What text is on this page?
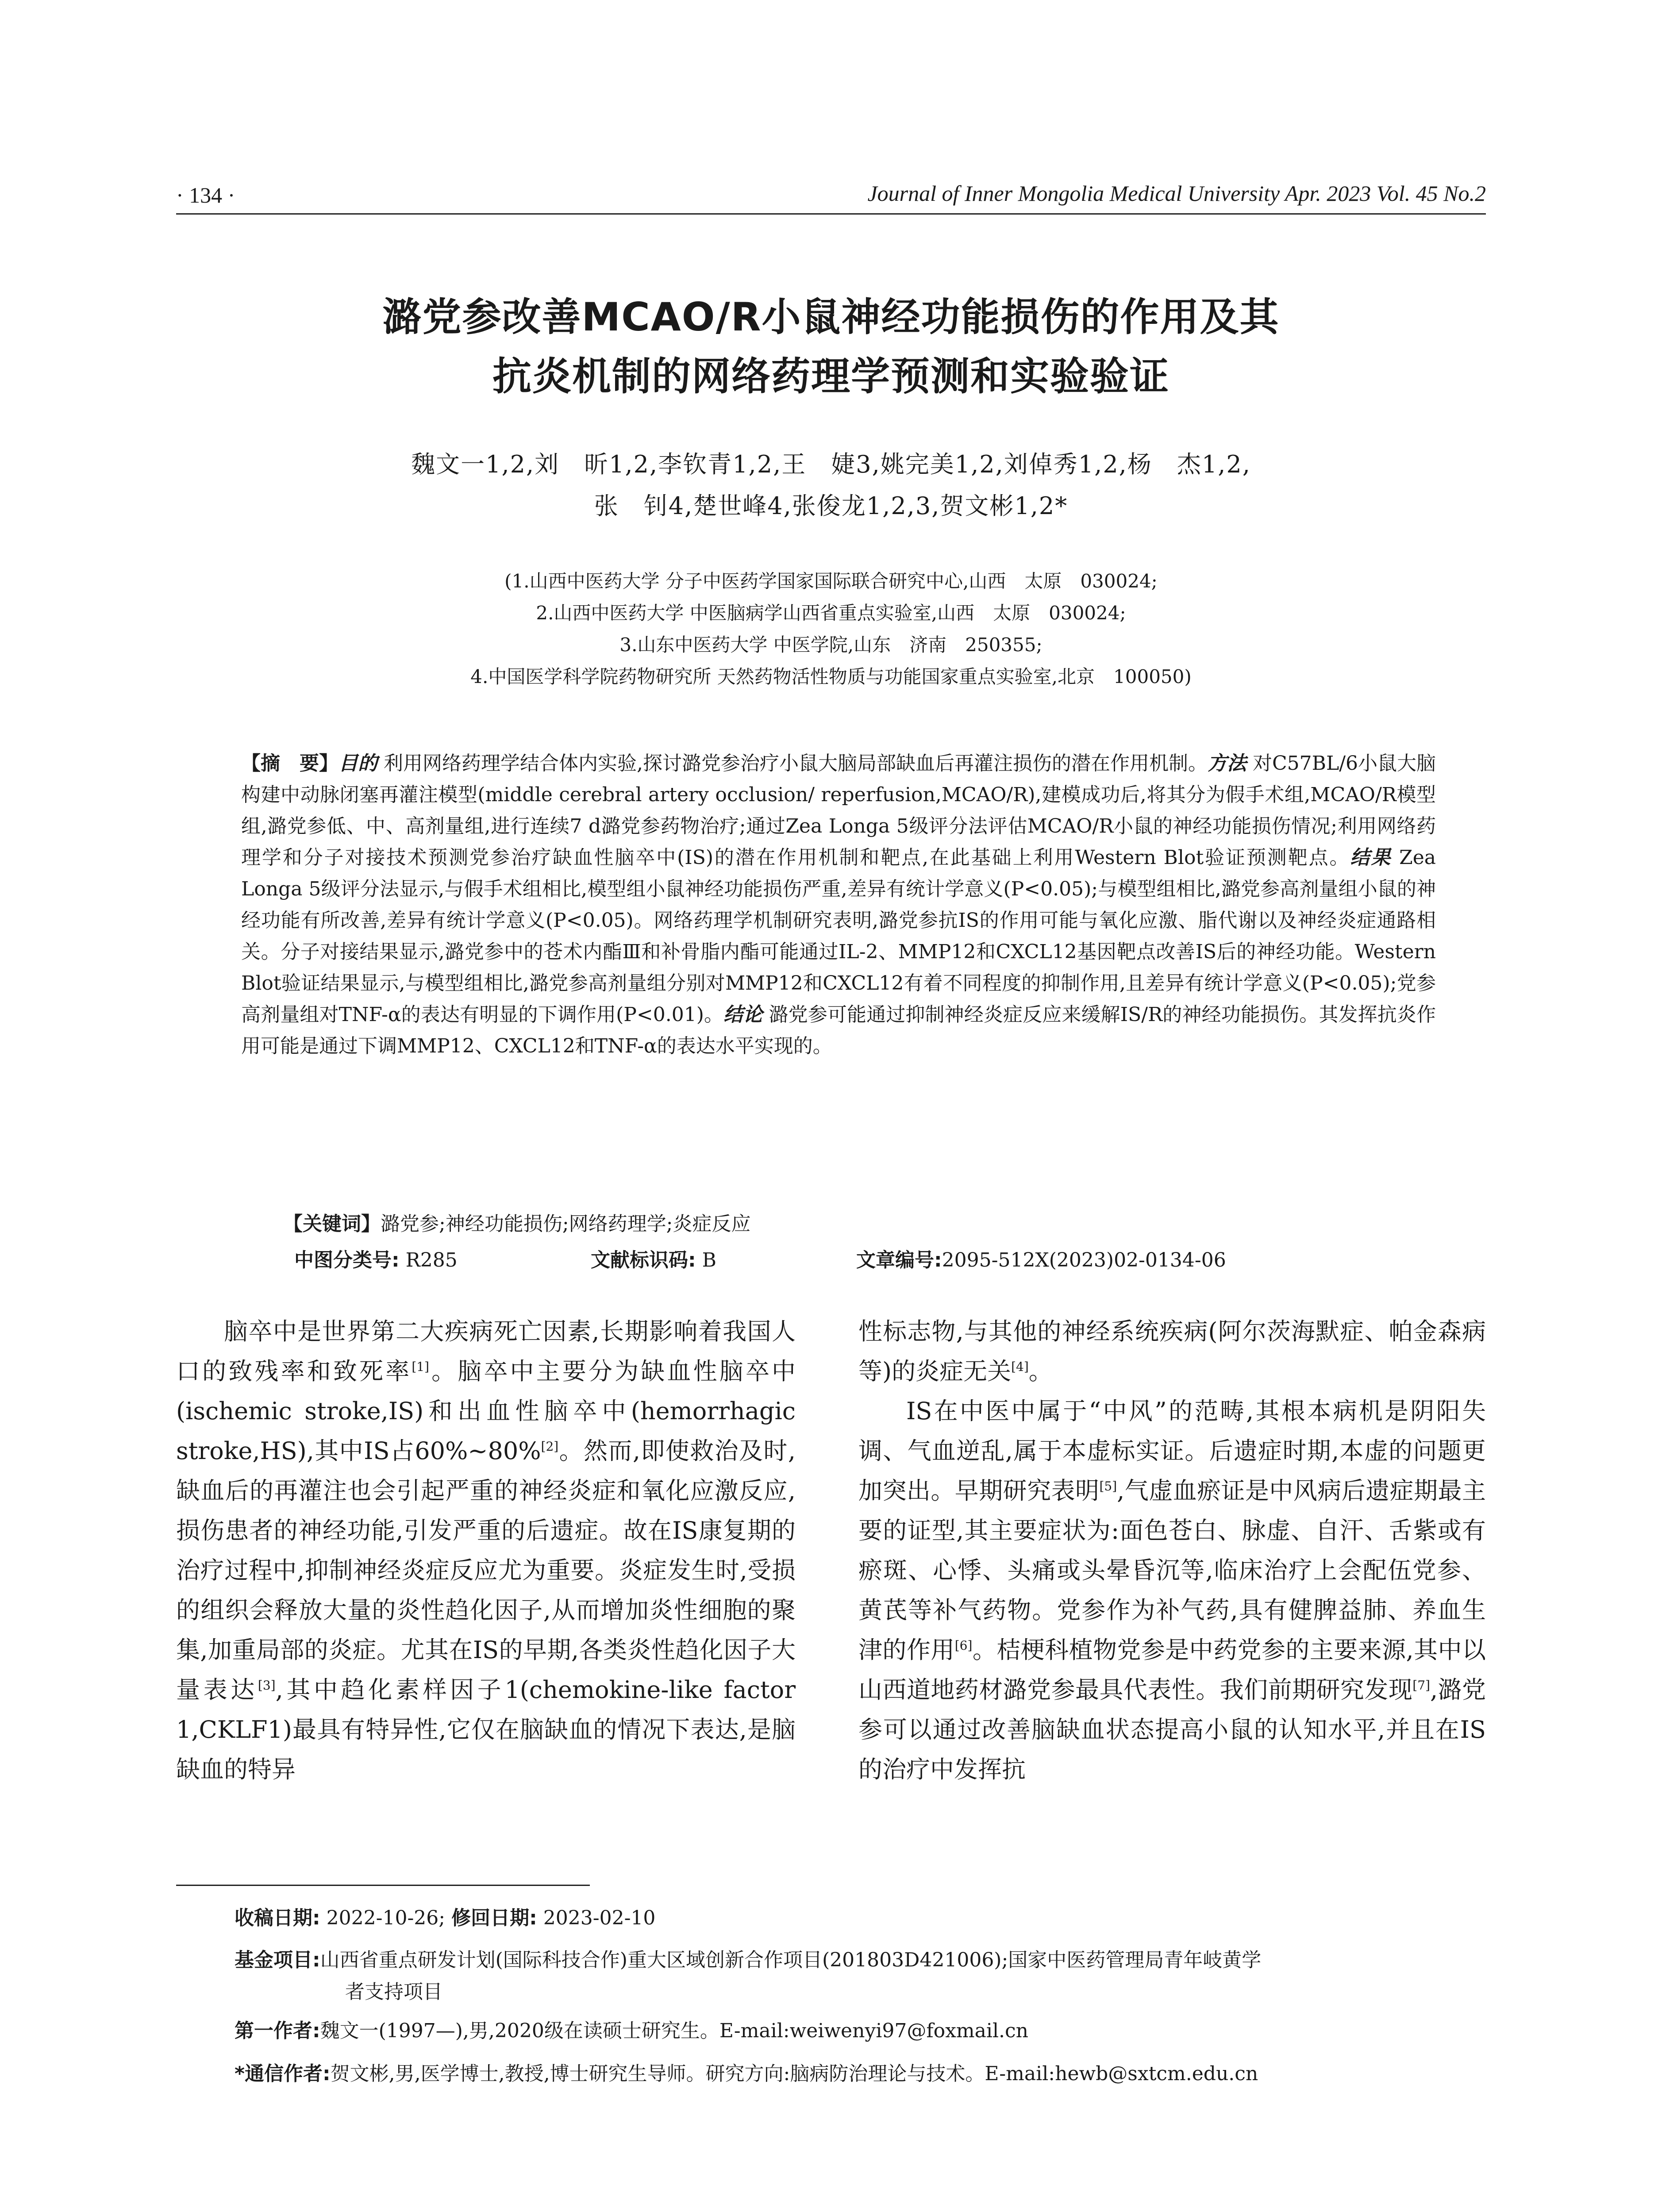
· 134 ·	Journal of Inner Mongolia Medical University Apr. 2023 Vol. 45 No.2
潞党参改善MCAO/R小鼠神经功能损伤的作用及其
抗炎机制的网络药理学预测和实验验证
魏文一1,2,刘　昕1,2,李钦青1,2,王　婕3,姚完美1,2,刘倬秀1,2,杨　杰1,2,
张　钊4,楚世峰4,张俊龙1,2,3,贺文彬1,2*
(1.山西中医药大学 分子中医药学国家国际联合研究中心,山西　太原　030024;
2.山西中医药大学 中医脑病学山西省重点实验室,山西　太原　030024;
3.山东中医药大学 中医学院,山东　济南　250355;
4.中国医学科学院药物研究所 天然药物活性物质与功能国家重点实验室,北京　100050)

【摘　要】目的 利用网络药理学结合体内实验,探讨潞党参治疗小鼠大脑局部缺血后再灌注损伤的潜在作用机制。方法 对C57BL/6小鼠大脑构建中动脉闭塞再灌注模型(middle cerebral artery occlusion/ reperfusion,MCAO/R),建模成功后,将其分为假手术组,MCAO/R模型组,潞党参低、中、高剂量组,进行连续7 d潞党参药物治疗;通过Zea Longa 5级评分法评估MCAO/R小鼠的神经功能损伤情况;利用网络药理学和分子对接技术预测党参治疗缺血性脑卒中(IS)的潜在作用机制和靶点,在此基础上利用Western Blot验证预测靶点。结果 Zea Longa 5级评分法显示,与假手术组相比,模型组小鼠神经功能损伤严重,差异有统计学意义(P<0.05);与模型组相比,潞党参高剂量组小鼠的神经功能有所改善,差异有统计学意义(P<0.05)。网络药理学机制研究表明,潞党参抗IS的作用可能与氧化应激、脂代谢以及神经炎症通路相关。分子对接结果显示,潞党参中的苍术内酯Ⅲ和补骨脂内酯可能通过IL-2、MMP12和CXCL12基因靶点改善IS后的神经功能。Western Blot验证结果显示,与模型组相比,潞党参高剂量组分别对MMP12和CXCL12有着不同程度的抑制作用,且差异有统计学意义(P<0.05);党参高剂量组对TNF-α的表达有明显的下调作用(P<0.01)。结论 潞党参可能通过抑制神经炎症反应来缓解IS/R的神经功能损伤。其发挥抗炎作用可能是通过下调MMP12、CXCL12和TNF-α的表达水平实现的。

【关键词】潞党参;神经功能损伤;网络药理学;炎症反应
中图分类号: R285	文献标识码: B	文章编号:2095-512X(2023)02-0134-06

脑卒中是世界第二大疾病死亡因素,长期影响着我国人口的致残率和致死率[1]。脑卒中主要分为缺血性脑卒中(ischemic stroke,IS)和出血性脑卒中(hemorrhagic stroke,HS),其中IS占60%~80%[2]。然而,即使救治及时,缺血后的再灌注也会引起严重的神经炎症和氧化应激反应,损伤患者的神经功能,引发严重的后遗症。故在IS康复期的治疗过程中,抑制神经炎症反应尤为重要。炎症发生时,受损的组织会释放大量的炎性趋化因子,从而增加炎性细胞的聚集,加重局部的炎症。尤其在IS的早期,各类炎性趋化因子大量表达[3],其中趋化素样因子1(chemokine-like factor 1,CKLF1)最具有特异性,它仅在脑缺血的情况下表达,是脑缺血的特异

性标志物,与其他的神经系统疾病(阿尔茨海默症、帕金森病等)的炎症无关[4]。

IS在中医中属于“中风”的范畴,其根本病机是阴阳失调、气血逆乱,属于本虚标实证。后遗症时期,本虚的问题更加突出。早期研究表明[5],气虚血瘀证是中风病后遗症期最主要的证型,其主要症状为:面色苍白、脉虚、自汗、舌紫或有瘀斑、心悸、头痛或头晕昏沉等,临床治疗上会配伍党参、黄芪等补气药物。党参作为补气药,具有健脾益肺、养血生津的作用[6]。桔梗科植物党参是中药党参的主要来源,其中以山西道地药材潞党参最具代表性。我们前期研究发现[7],潞党参可以通过改善脑缺血状态提高小鼠的认知水平,并且在IS的治疗中发挥抗

收稿日期: 2022-10-26; 修回日期: 2023-02-10
基金项目:山西省重点研发计划(国际科技合作)重大区域创新合作项目(201803D421006);国家中医药管理局青年岐黄学
者支持项目
第一作者:魏文一(1997—),男,2020级在读硕士研究生。E-mail:weiwenyi97@foxmail.cn
*通信作者:贺文彬,男,医学博士,教授,博士研究生导师。研究方向:脑病防治理论与技术。E-mail:hewb@sxtcm.edu.cn
